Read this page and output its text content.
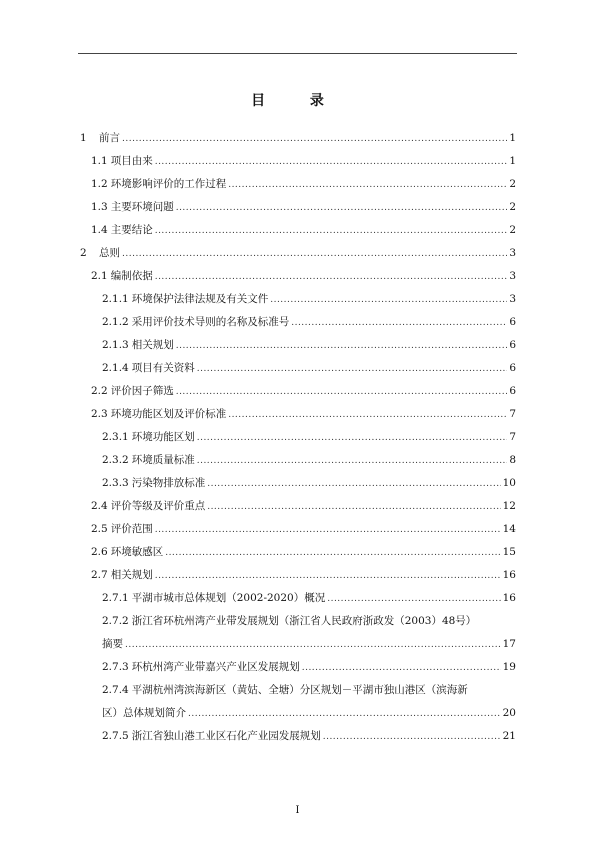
目 录
1	前言 .....	1
1.1 项目由来 .....	1
1.2 环境影响评价的工作过程 .....	2
1.3 主要环境问题 .....	2
1.4 主要结论 .....	2
2	总则 .....	3
2.1 编制依据 .....	3
2.1.1 环境保护法律法规及有关文件 .....	3
2.1.2 采用评价技术导则的名称及标准号 .....	6
2.1.3 相关规划 .....	6
2.1.4 项目有关资料 .....	6
2.2 评价因子筛选 .....	6
2.3 环境功能区划及评价标准 .....	7
2.3.1 环境功能区划 .....	7
2.3.2 环境质量标准 .....	8
2.3.3 污染物排放标准 .....	10
2.4 评价等级及评价重点 .....	12
2.5 评价范围 .....	14
2.6 环境敏感区 .....	15
2.7 相关规划 .....	16
2.7.1 平湖市城市总体规划（2002-2020）概况 .....	16
2.7.2 浙江省环杭州湾产业带发展规划（浙江省人民政府浙政发（2003）48号）
摘要 .....	17
2.7.3 环杭州湾产业带嘉兴产业区发展规划 .....	19
2.7.4 平湖杭州湾滨海新区（黄姑、全塘）分区规划－平湖市独山港区（滨海新
区）总体规划简介 .....	20
2.7.5 浙江省独山港工业区石化产业园发展规划 .....	21
I
